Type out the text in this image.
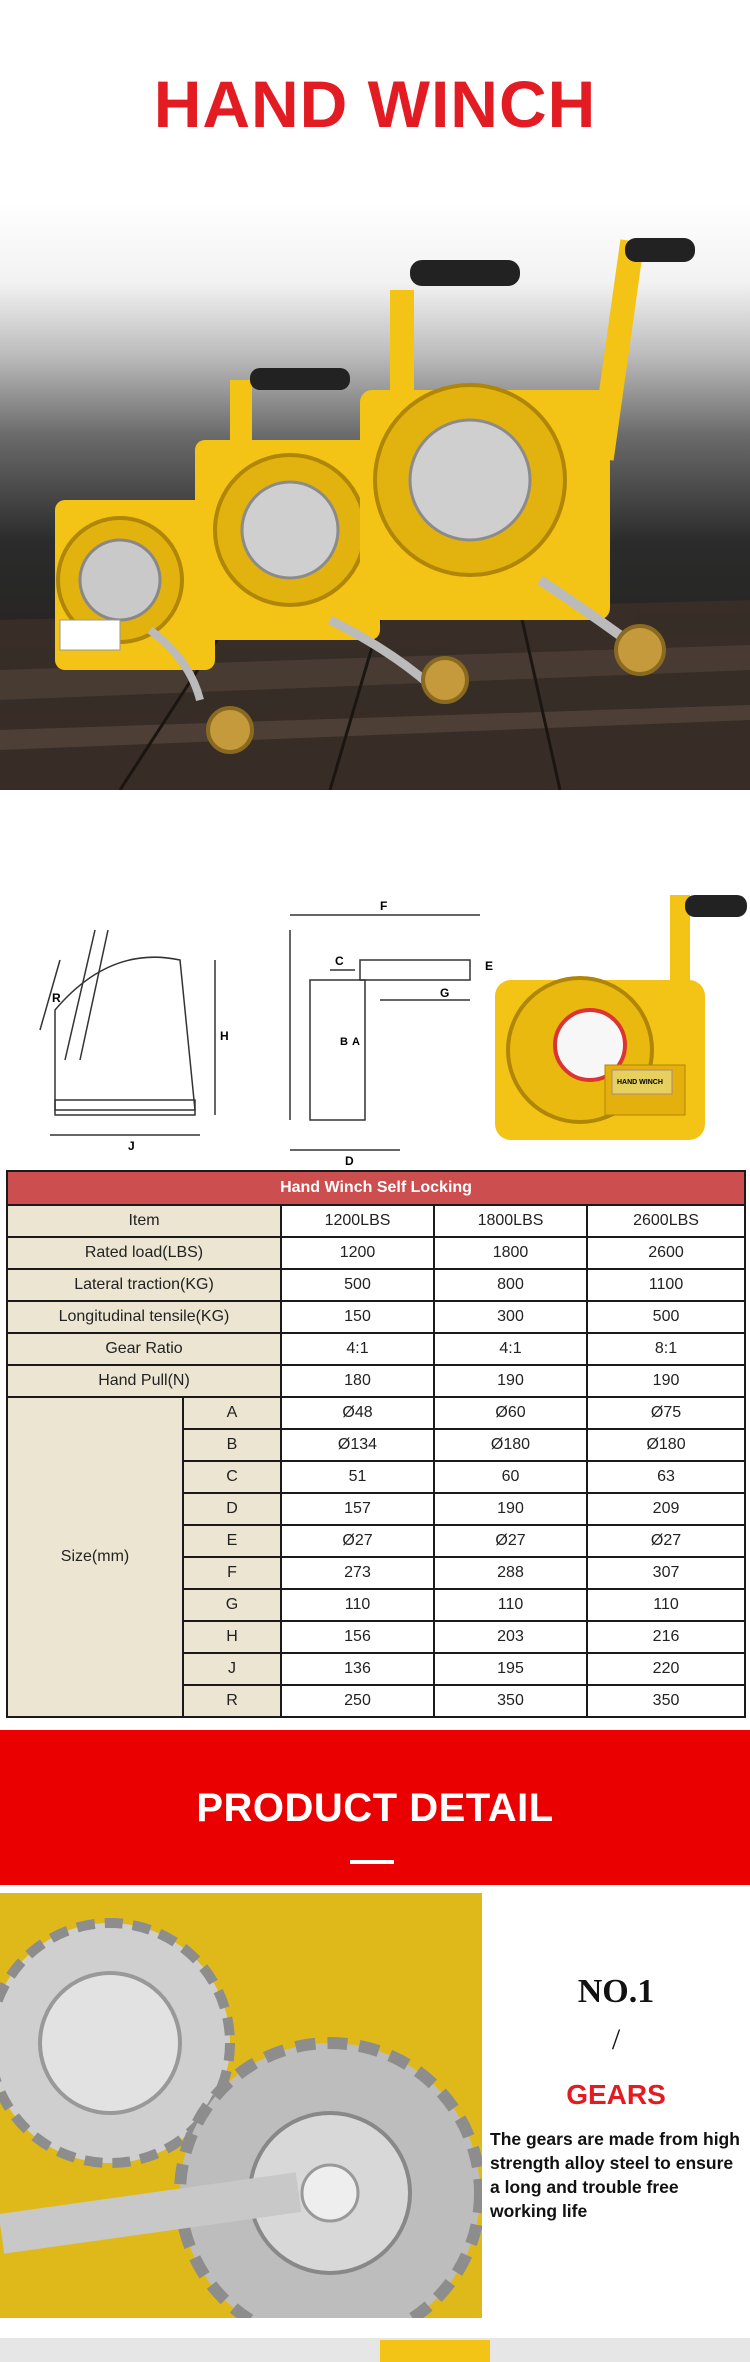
HAND WINCH
R
H
J
F
E
C
G
B A
D
HAND WINCH
Hand Winch Self Locking				
Item		1200LBS	1800LBS	2600LBS
Rated load(LBS)		1200	1800	2600
Lateral traction(KG)		500	800	1100
Longitudinal tensile(KG)		150	300	500
Gear Ratio		4:1	4:1	8:1
Hand Pull(N)		180	190	190
Size(mm)	A	Ø48	Ø60	Ø75
	B	Ø134	Ø180	Ø180
	C	51	60	63
	D	157	190	209
	E	Ø27	Ø27	Ø27
	F	273	288	307
	G	110	110	110
	H	156	203	216
	J	136	195	220
	R	250	350	350
PRODUCT DETAIL
NO.1
/
GEARS
The gears are made from high strength alloy steel to ensure a long and trouble free working life
